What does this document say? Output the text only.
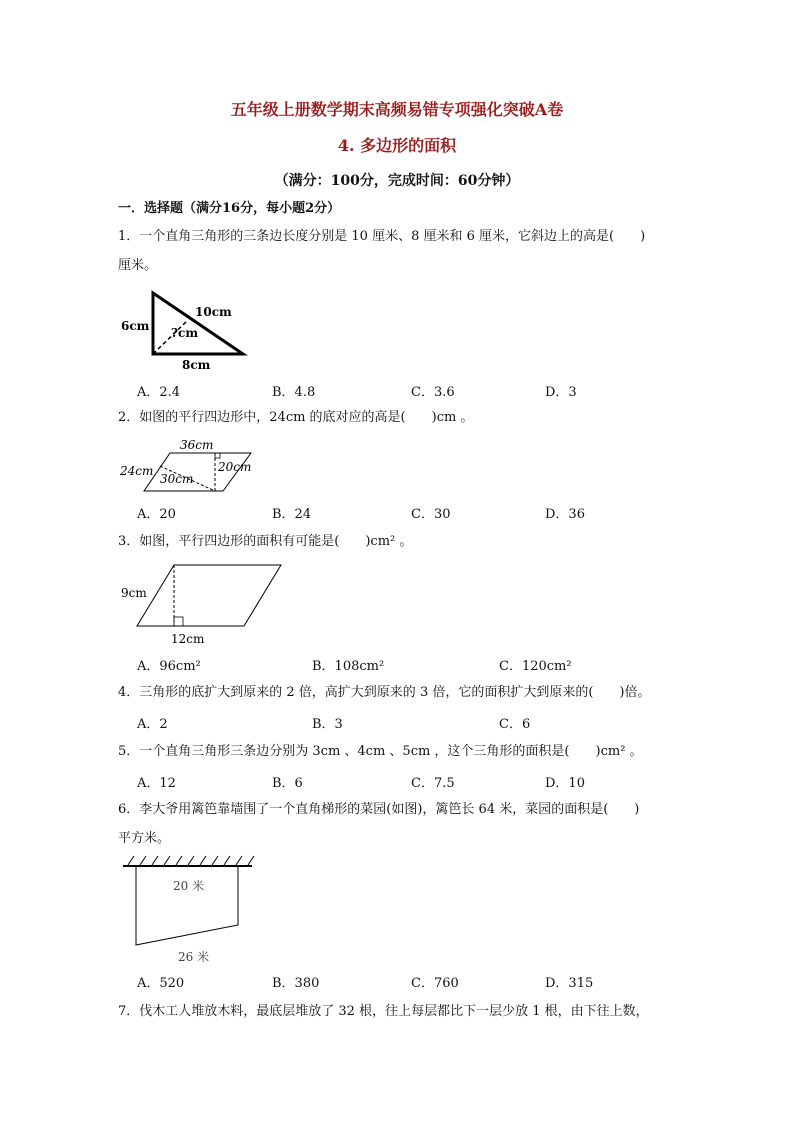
五年级上册数学期末高频易错专项强化突破A卷
4. 多边形的面积
（满分：100分，完成时间：60分钟）
一．选择题（满分16分，每小题2分）
1．一个直角三角形的三条边长度分别是 10 厘米、8 厘米和 6 厘米，它斜边上的高是(　　)
厘米。
6cm
10cm
?cm
8cm
A．2.4	B．4.8	C．3.6	D．3
2．如图的平行四边形中，24cm 的底对应的高是(　　)cm 。
36cm
24cm	20cm
30cm
A．20	B．24	C．30	D．36
3．如图，平行四边形的面积有可能是(　　)cm² 。
9cm
12cm
A．96cm²	B．108cm²	C．120cm²
4．三角形的底扩大到原来的 2 倍，高扩大到原来的 3 倍，它的面积扩大到原来的(　　)倍。
A．2	B．3	C．6
5．一个直角三角形三条边分别为 3cm 、4cm 、5cm ，这个三角形的面积是(　　)cm² 。
A．12	B．6	C．7.5	D．10
6．李大爷用篱笆靠墙围了一个直角梯形的菜园(如图)，篱笆长 64 米，菜园的面积是(　　)
平方米。
20 米
26 米
A．520	B．380	C．760	D．315
7．伐木工人堆放木料，最底层堆放了 32 根，往上每层都比下一层少放 1 根，由下往上数，
